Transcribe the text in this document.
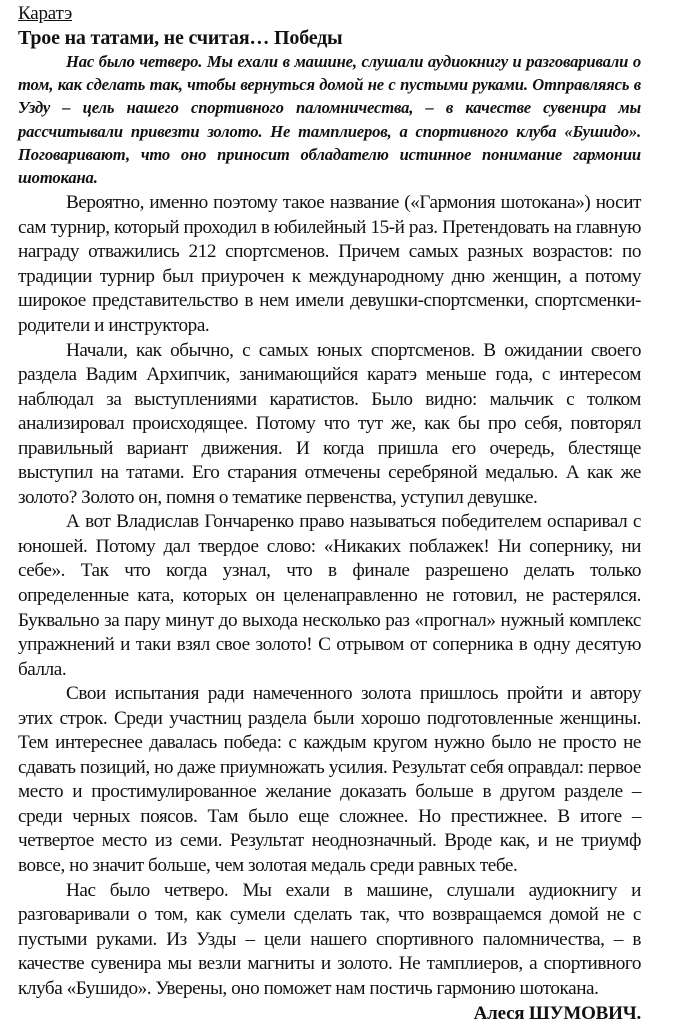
Каратэ
Трое на татами, не считая… Победы

Нас было четверо. Мы ехали в машине, слушали аудиокнигу и разговаривали о том, как сделать так, чтобы вернуться домой не с пустыми руками. Отправляясь в Узду – цель нашего спортивного паломничества, – в качестве сувенира мы рассчитывали привезти золото. Не тамплиеров, а спортивного клуба «Бушидо». Поговаривают, что оно приносит обладателю истинное понимание гармонии шотокана.

Вероятно, именно поэтому такое название («Гармония шотокана») носит сам турнир, который проходил в юбилейный 15-й раз. Претендовать на главную награду отважились 212 спортсменов. Причем самых разных возрастов: по традиции турнир был приурочен к международному дню женщин, а потому широкое представительство в нем имели девушки-спортсменки, спортсменки-родители и инструктора.

Начали, как обычно, с самых юных спортсменов. В ожидании своего раздела Вадим Архипчик, занимающийся каратэ меньше года, с интересом наблюдал за выступлениями каратистов. Было видно: мальчик с толком анализировал происходящее. Потому что тут же, как бы про себя, повторял правильный вариант движения. И когда пришла его очередь, блестяще выступил на татами. Его старания отмечены серебряной медалью. А как же золото? Золото он, помня о тематике первенства, уступил девушке.

А вот Владислав Гончаренко право называться победителем оспаривал с юношей. Потому дал твердое слово: «Никаких поблажек! Ни сопернику, ни себе». Так что когда узнал, что в финале разрешено делать только определенные ката, которых он целенаправленно не готовил, не растерялся. Буквально за пару минут до выхода несколько раз «прогнал» нужный комплекс упражнений и таки взял свое золото! С отрывом от соперника в одну десятую балла.

Свои испытания ради намеченного золота пришлось пройти и автору этих строк. Среди участниц раздела были хорошо подготовленные женщины. Тем интереснее давалась победа: с каждым кругом нужно было не просто не сдавать позиций, но даже приумножать усилия. Результат себя оправдал: первое место и простимулированное желание доказать больше в другом разделе – среди черных поясов. Там было еще сложнее. Но престижнее. В итоге – четвертое место из семи. Результат неоднозначный. Вроде как, и не триумф вовсе, но значит больше, чем золотая медаль среди равных тебе.

Нас было четверо. Мы ехали в машине, слушали аудиокнигу и разговаривали о том, как сумели сделать так, что возвращаемся домой не с пустыми руками. Из Узды – цели нашего спортивного паломничества, – в качестве сувенира мы везли магниты и золото. Не тамплиеров, а спортивного клуба «Бушидо». Уверены, оно поможет нам постичь гармонию шотокана.

Алеся ШУМОВИЧ.
